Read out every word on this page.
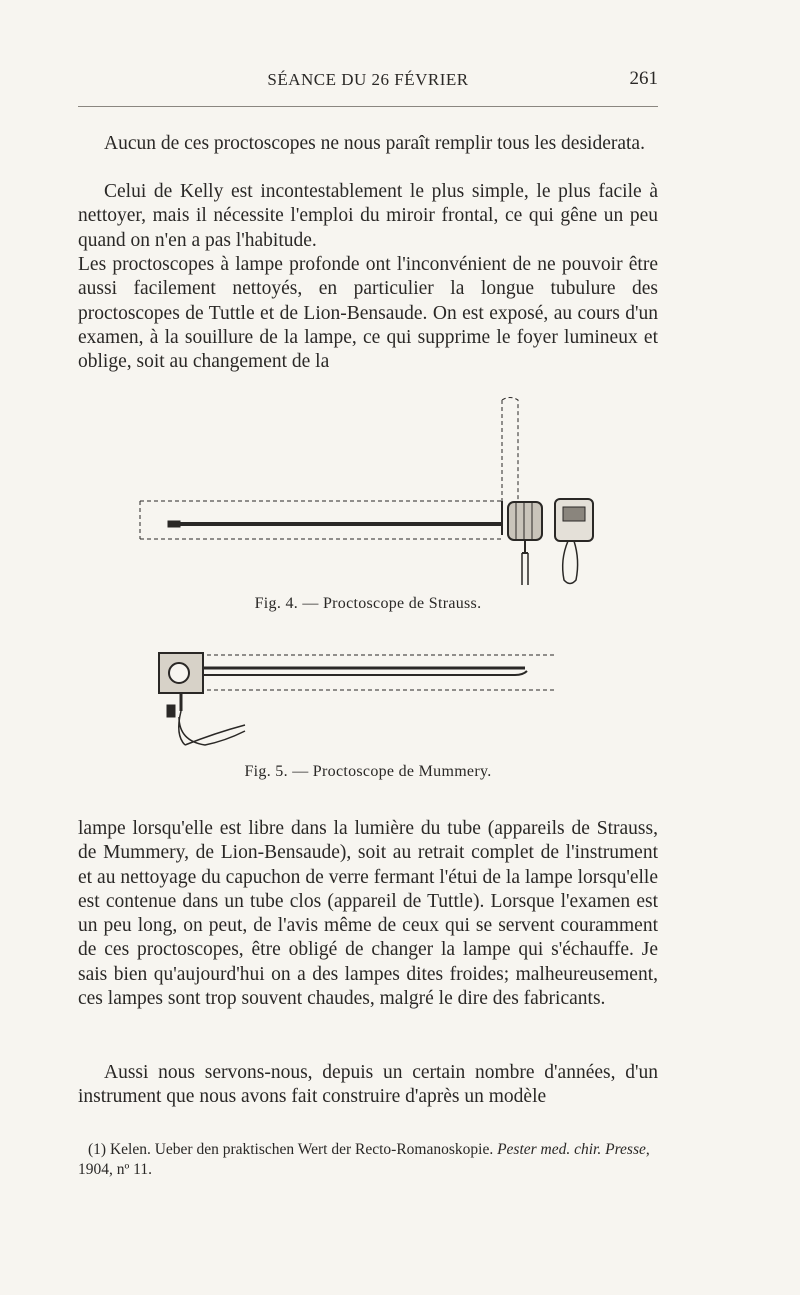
SÉANCE DU 26 FÉVRIER	261

Aucun de ces proctoscopes ne nous paraît remplir tous les desiderata.

Celui de Kelly est incontestablement le plus simple, le plus facile à nettoyer, mais il nécessite l'emploi du miroir frontal, ce qui gêne un peu quand on n'en a pas l'habitude.

Les proctoscopes à lampe profonde ont l'inconvénient de ne pouvoir être aussi facilement nettoyés, en particulier la longue tubulure des proctoscopes de Tuttle et de Lion-Bensaude. On est exposé, au cours d'un examen, à la souillure de la lampe, ce qui supprime le foyer lumineux et oblige, soit au changement de la

Fig. 4. — Proctoscope de Strauss.
Fig. 5. — Proctoscope de Mummery.

lampe lorsqu'elle est libre dans la lumière du tube (appareils de Strauss, de Mummery, de Lion-Bensaude), soit au retrait complet de l'instrument et au nettoyage du capuchon de verre fermant l'étui de la lampe lorsqu'elle est contenue dans un tube clos (appareil de Tuttle). Lorsque l'examen est un peu long, on peut, de l'avis même de ceux qui se servent couramment de ces proctoscopes, être obligé de changer la lampe qui s'échauffe. Je sais bien qu'aujourd'hui on a des lampes dites froides; malheureusement, ces lampes sont trop souvent chaudes, malgré le dire des fabricants.

Aussi nous servons-nous, depuis un certain nombre d'années, d'un instrument que nous avons fait construire d'après un modèle

(1) Kelen. Ueber den praktischen Wert der Recto-Romanoskopie. Pester med. chir. Presse, 1904, nº 11.
